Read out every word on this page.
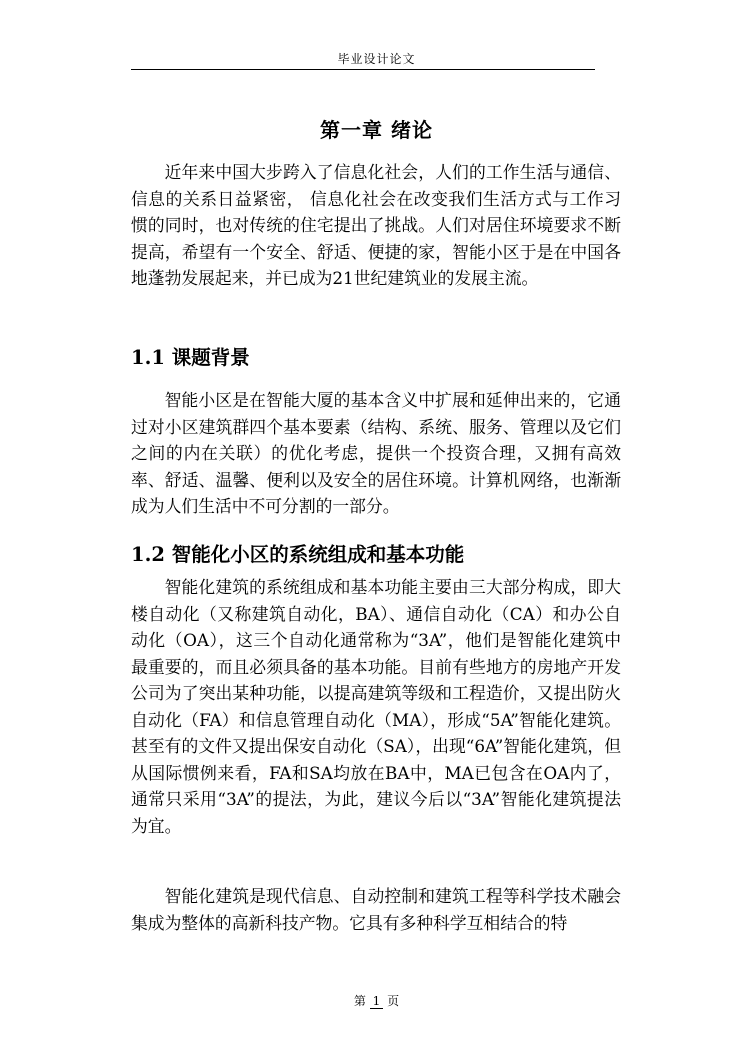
毕业设计论文
第一章 绪论

近年来中国大步跨入了信息化社会，人们的工作生活与通信、信息的关系日益紧密， 信息化社会在改变我们生活方式与工作习惯的同时，也对传统的住宅提出了挑战。人们对居住环境要求不断提高，希望有一个安全、舒适、便捷的家，智能小区于是在中国各地蓬勃发展起来，并已成为21世纪建筑业的发展主流。

1.1 课题背景

智能小区是在智能大厦的基本含义中扩展和延伸出来的，它通过对小区建筑群四个基本要素（结构、系统、服务、管理以及它们之间的内在关联）的优化考虑，提供一个投资合理，又拥有高效率、舒适、温馨、便利以及安全的居住环境。计算机网络，也渐渐成为人们生活中不可分割的一部分。

1.2 智能化小区的系统组成和基本功能

智能化建筑的系统组成和基本功能主要由三大部分构成，即大楼自动化（又称建筑自动化，BA）、通信自动化（CA）和办公自动化（OA），这三个自动化通常称为“3A”，他们是智能化建筑中最重要的，而且必须具备的基本功能。目前有些地方的房地产开发公司为了突出某种功能，以提高建筑等级和工程造价，又提出防火自动化（FA）和信息管理自动化（MA），形成“5A”智能化建筑。甚至有的文件又提出保安自动化（SA），出现“6A”智能化建筑，但从国际惯例来看，FA和SA均放在BA中，MA已包含在OA内了，通常只采用“3A”的提法，为此，建议今后以“3A”智能化建筑提法为宜。

智能化建筑是现代信息、自动控制和建筑工程等科学技术融会集成为整体的高新科技产物。它具有多种科学互相结合的特

第 1 页
